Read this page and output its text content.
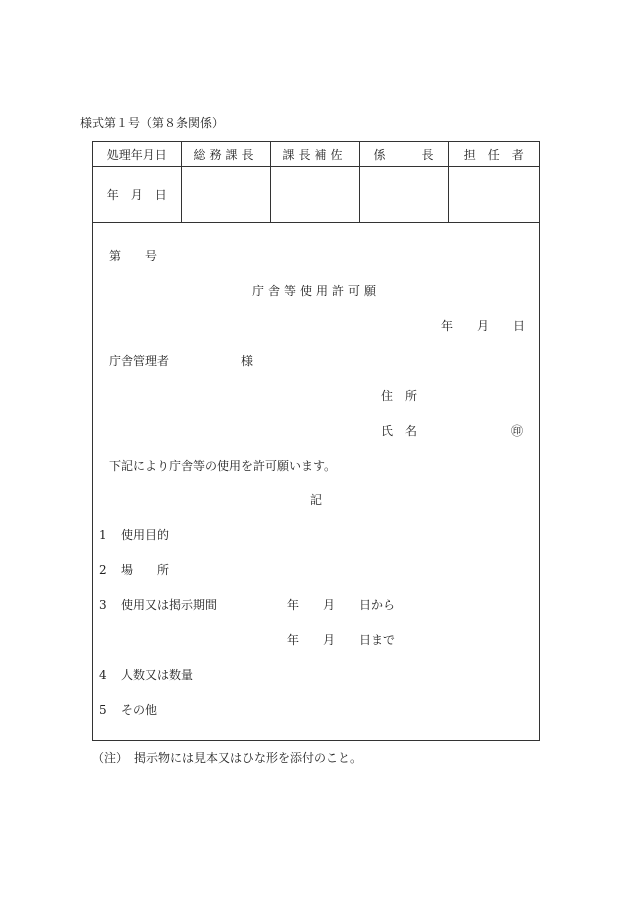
様式第１号（第８条関係）
処理年月日	総務課長	課長補佐	係　　　長	担　任　者
年　月　日				
第　　号
庁舎等使用許可願
年　　月　　日
庁舎管理者　　　　　　様
住　所
氏　名	㊞
下記により庁舎等の使用を許可願います。
記
1 使用目的
2 場　　所
3 使用又は掲示期間	年　　月　　日から
年　　月　　日まで
4 人数又は数量
5 その他
（注）　掲示物には見本又はひな形を添付のこと。
